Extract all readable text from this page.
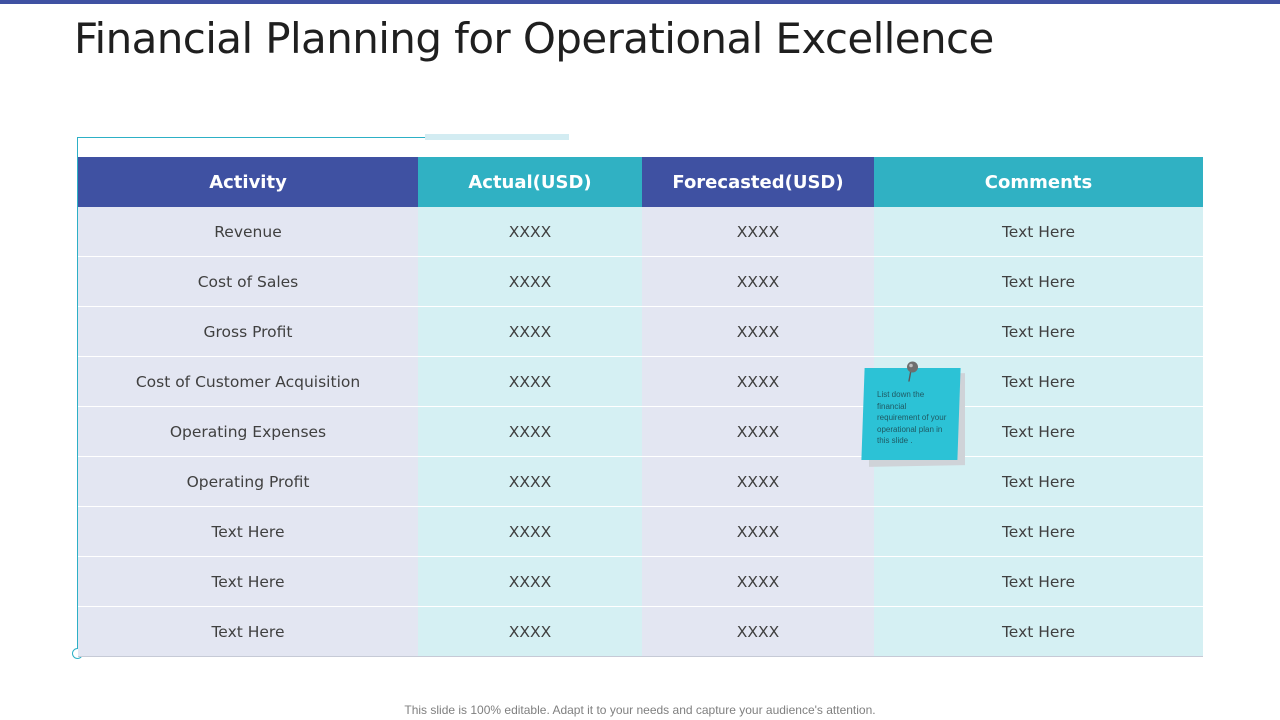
Financial Planning for Operational Excellence
Activity	Actual(USD)	Forecasted(USD)	Comments
Revenue	XXXX	XXXX	Text Here
Cost of Sales	XXXX	XXXX	Text Here
Gross Profit	XXXX	XXXX	Text Here
Cost of Customer Acquisition	XXXX	XXXX	Text Here
Operating Expenses	XXXX	XXXX	Text Here
Operating Profit	XXXX	XXXX	Text Here
Text Here	XXXX	XXXX	Text Here
Text Here	XXXX	XXXX	Text Here
Text Here	XXXX	XXXX	Text Here
List down the financial requirement of your operational plan in this slide .
This slide is 100% editable. Adapt it to your needs and capture your audience's attention.
